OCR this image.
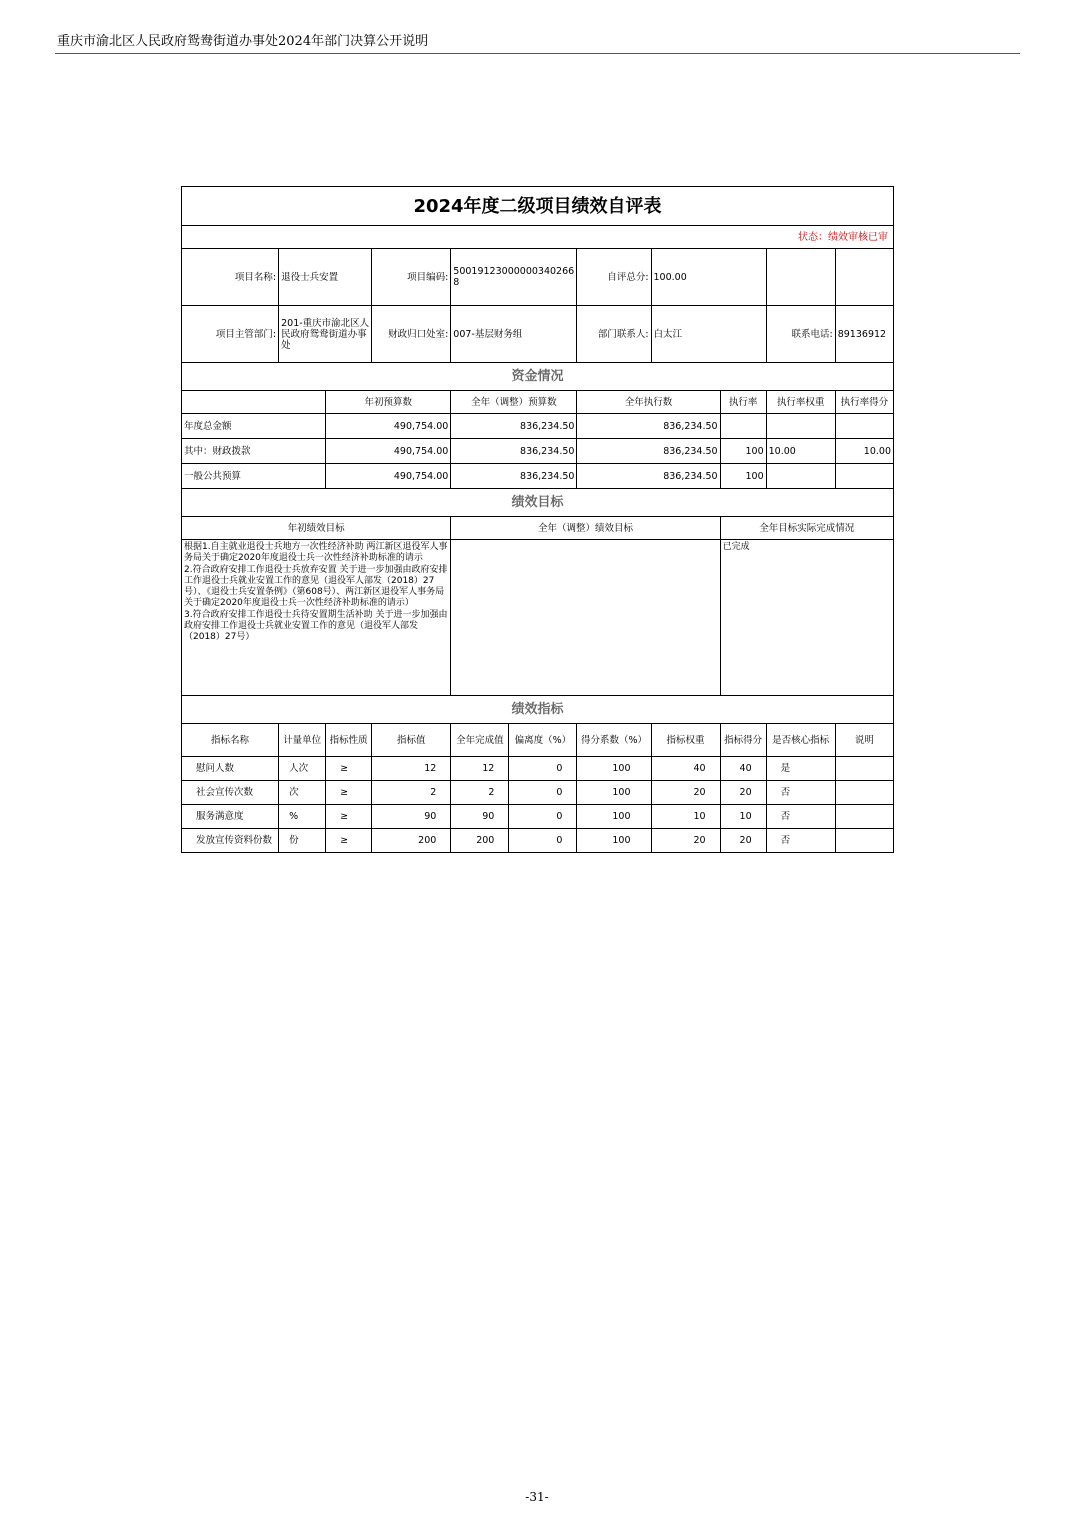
重庆市渝北区人民政府鸳鸯街道办事处2024年部门决算公开说明
2024年度二级项目绩效自评表										
状态：绩效审核已审										
项目名称:	退役士兵安置		项目编码:	500191230000003402668		自评总分:	100.00			
项目主管部门:	201-重庆市渝北区人民政府鸳鸯街道办事处		财政归口处室:	007-基层财务组		部门联系人:	白太江		联系电话:	89136912
资金情况										
		年初预算数		全年（调整）预算数		全年执行数		执行率	执行率权重	执行率得分
年度总金额		490,754.00		836,234.50		836,234.50				
其中：财政拨款		490,754.00		836,234.50		836,234.50		100	10.00	10.00
一般公共预算		490,754.00		836,234.50		836,234.50		100		
绩效目标										
年初绩效目标				全年（调整）绩效目标				全年目标实际完成情况		
根据1.自主就业退役士兵地方一次性经济补助 两江新区退役军人事务局关于确定2020年度退役士兵一次性经济补助标准的请示
2.符合政府安排工作退役士兵放弃安置 关于进一步加强由政府安排工作退役士兵就业安置工作的意见（退役军人部发（2018）27号）、《退役士兵安置条例》（第608号）、两江新区退役军人事务局关于确定2020年度退役士兵一次性经济补助标准的请示）
3.符合政府安排工作退役士兵待安置期生活补助 关于进一步加强由政府安排工作退役士兵就业安置工作的意见（退役军人部发（2018）27号）								已完成		
绩效指标										
指标名称	计量单位	指标性质	指标值	全年完成值	偏离度（%）	得分系数（%）	指标权重	指标得分	是否核心指标	说明
慰问人数	人次	≥	12	12	0	100	40	40	是	
社会宣传次数	次	≥	2	2	0	100	20	20	否	
服务满意度	%	≥	90	90	0	100	10	10	否	
发放宣传资料份数	份	≥	200	200	0	100	20	20	否	
-31-
